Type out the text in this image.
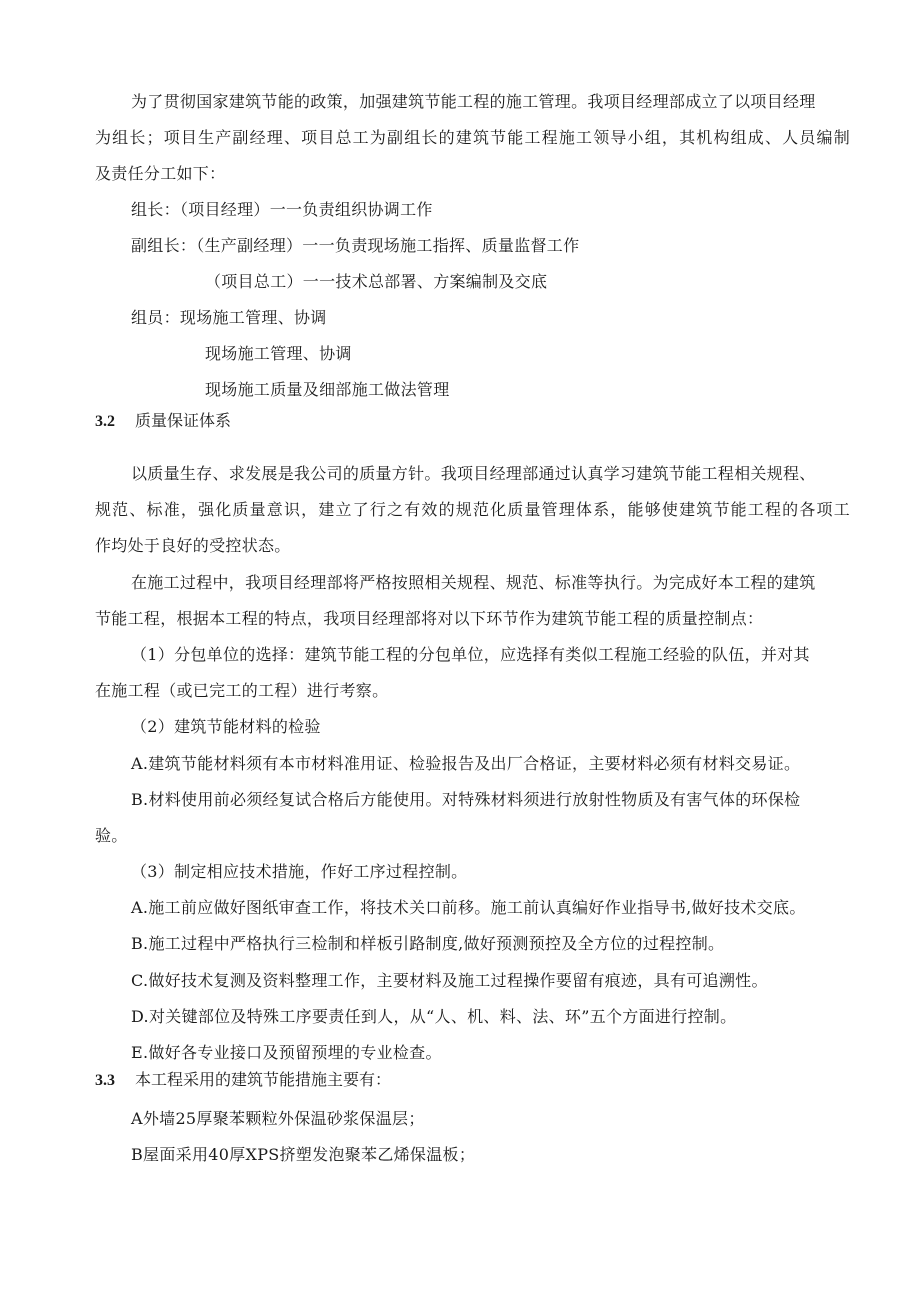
为了贯彻国家建筑节能的政策，加强建筑节能工程的施工管理。我项目经理部成立了以项目经理
为组长；项目生产副经理、项目总工为副组长的建筑节能工程施工领导小组，其机构组成、人员编制
及责任分工如下：
组长：（项目经理）一一负责组织协调工作
副组长：（生产副经理）一一负责现场施工指挥、质量监督工作
（项目总工）一一技术总部署、方案编制及交底
组员：现场施工管理、协调
现场施工管理、协调
现场施工质量及细部施工做法管理
3.2 质量保证体系
以质量生存、求发展是我公司的质量方针。我项目经理部通过认真学习建筑节能工程相关规程、
规范、标准，强化质量意识，建立了行之有效的规范化质量管理体系，能够使建筑节能工程的各项工
作均处于良好的受控状态。
在施工过程中，我项目经理部将严格按照相关规程、规范、标准等执行。为完成好本工程的建筑
节能工程，根据本工程的特点，我项目经理部将对以下环节作为建筑节能工程的质量控制点：
（1）分包单位的选择：建筑节能工程的分包单位，应选择有类似工程施工经验的队伍，并对其
在施工程（或已完工的工程）进行考察。
（2）建筑节能材料的检验
A.建筑节能材料须有本市材料准用证、检验报告及出厂合格证，主要材料必须有材料交易证。
B.材料使用前必须经复试合格后方能使用。对特殊材料须进行放射性物质及有害气体的环保检
验。
（3）制定相应技术措施，作好工序过程控制。
A.施工前应做好图纸审查工作，将技术关口前移。施工前认真编好作业指导书,做好技术交底。
B.施工过程中严格执行三检制和样板引路制度,做好预测预控及全方位的过程控制。
C.做好技术复测及资料整理工作，主要材料及施工过程操作要留有痕迹，具有可追溯性。
D.对关键部位及特殊工序要责任到人，从“人、机、料、法、环”五个方面进行控制。
E.做好各专业接口及预留预埋的专业检查。
3.3 本工程采用的建筑节能措施主要有：
A外墙25厚聚苯颗粒外保温砂浆保温层；
B屋面采用40厚XPS挤塑发泡聚苯乙烯保温板；
